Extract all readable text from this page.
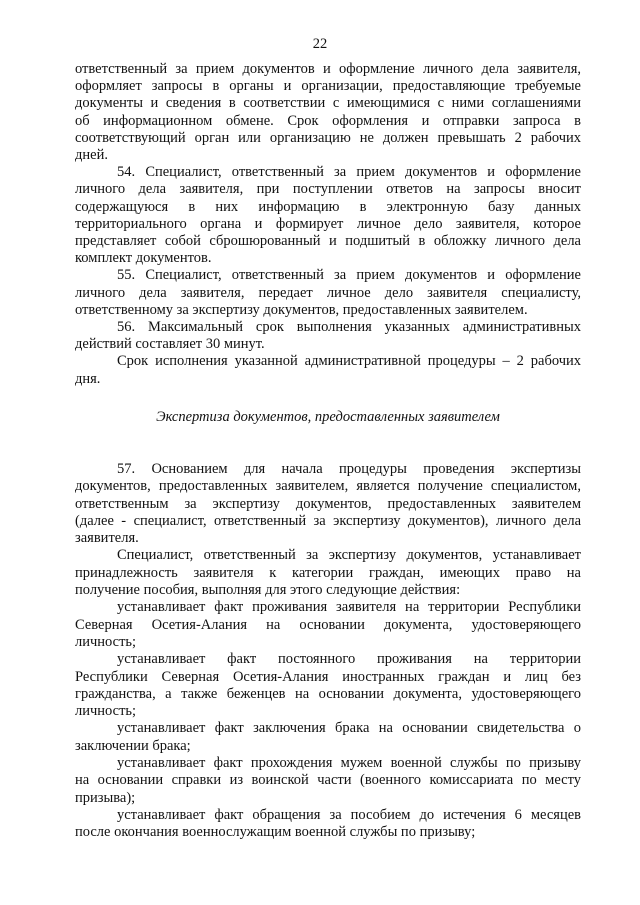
22
ответственный за прием документов и оформление личного дела заявителя,
оформляет запросы в органы и организации, предоставляющие требуемые
документы и сведения в соответствии с имеющимися с ними соглашениями
об информационном обмене. Срок оформления и отправки запроса в
соответствующий орган или организацию не должен превышать 2 рабочих
дней.
54. Специалист, ответственный за прием документов и оформление
личного дела заявителя, при поступлении ответов на запросы вносит
содержащуюся в них информацию в электронную базу данных
территориального органа и формирует личное дело заявителя, которое
представляет собой сброшюрованный и подшитый в обложку личного дела
комплект документов.
55. Специалист, ответственный за прием документов и оформление
личного дела заявителя, передает личное дело заявителя специалисту,
ответственному за экспертизу документов, предоставленных заявителем.
56. Максимальный срок выполнения указанных административных
действий составляет 30 минут.
Срок исполнения указанной административной процедуры – 2 рабочих
дня.
Экспертиза документов, предоставленных заявителем
57. Основанием для начала процедуры проведения экспертизы
документов, предоставленных заявителем, является получение специалистом,
ответственным за экспертизу документов, предоставленных заявителем
(далее - специалист, ответственный за экспертизу документов), личного дела
заявителя.
Специалист, ответственный за экспертизу документов, устанавливает
принадлежность заявителя к категории граждан, имеющих право на
получение пособия, выполняя для этого следующие действия:
устанавливает факт проживания заявителя на территории Республики
Северная Осетия-Алания на основании документа, удостоверяющего
личность;
устанавливает факт постоянного проживания на территории
Республики Северная Осетия-Алания иностранных граждан и лиц без
гражданства, а также беженцев на основании документа, удостоверяющего
личность;
устанавливает факт заключения брака на основании свидетельства о
заключении брака;
устанавливает факт прохождения мужем военной службы по призыву
на основании справки из воинской части (военного комиссариата по месту
призыва);
устанавливает факт обращения за пособием до истечения 6 месяцев
после окончания военнослужащим военной службы по призыву;
